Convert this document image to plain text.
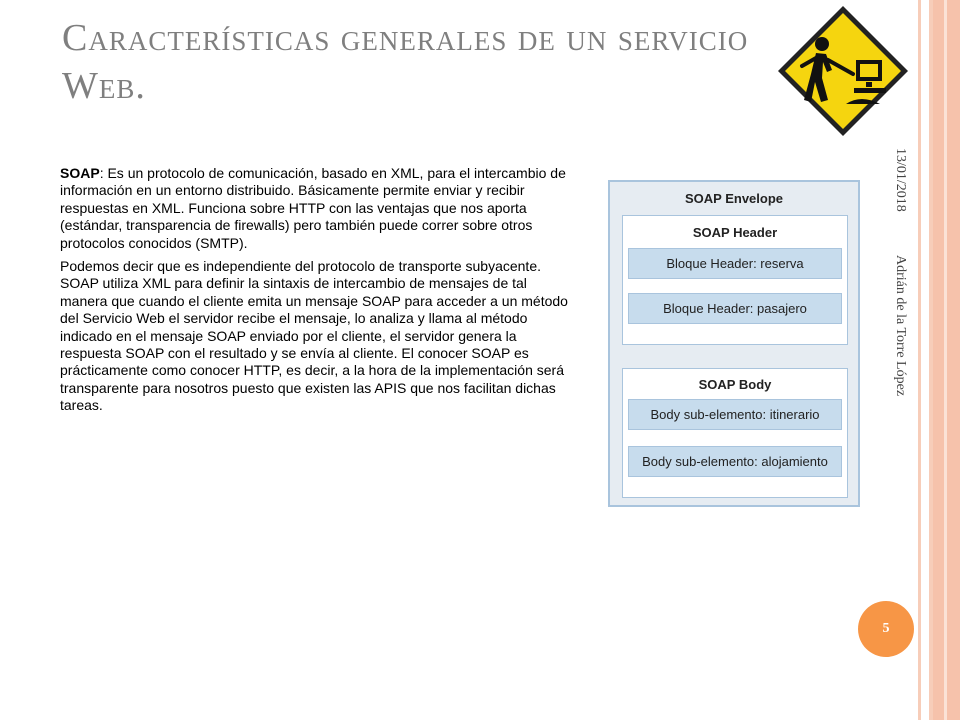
Características generales de un servicio Web.

SOAP: Es un protocolo de comunicación, basado en XML, para el intercambio de información en un entorno distribuido. Básicamente permite enviar y recibir respuestas en XML. Funciona sobre HTTP con las ventajas que nos aporta (estándar, transparencia de firewalls) pero también puede correr sobre otros protocolos conocidos (SMTP).

Podemos decir que es independiente del protocolo de transporte subyacente. SOAP utiliza XML para definir la sintaxis de intercambio de mensajes de tal manera que cuando el cliente emita un mensaje SOAP para acceder a un método del Servicio Web el servidor recibe el mensaje, lo analiza y llama al método indicado en el mensaje SOAP enviado por el cliente, el servidor genera la respuesta SOAP con el resultado y se envía al cliente. El conocer SOAP es prácticamente como conocer HTTP, es decir, a la hora de la implementación será transparente para nosotros puesto que existen las APIS que nos facilitan dichas tareas.

SOAP Envelope
SOAP Header
Bloque Header: reserva
Bloque Header: pasajero
SOAP Body
Body sub-elemento: itinerario
Body sub-elemento: alojamiento
13/01/2018
Adrián de la Torre López
5
